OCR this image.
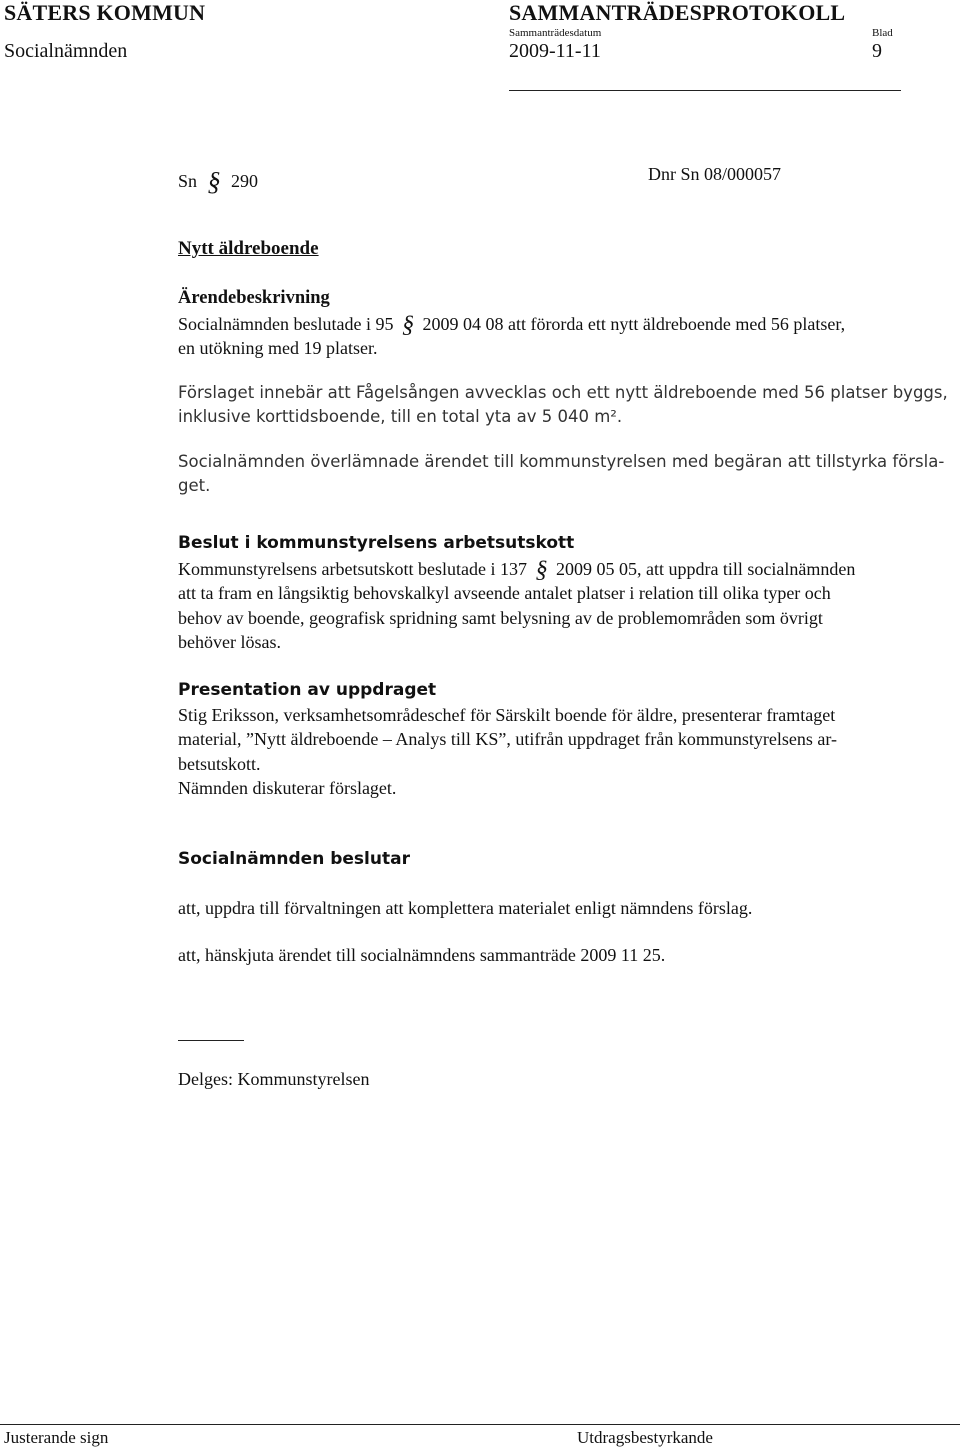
SÄTERS KOMMUN	SAMMANTRÄDESPROTOKOLL
Socialnämnden
Sammanträdesdatum
2009-11-11
Blad
9
Sn § 290	Dnr Sn 08/000057
Nytt äldreboende

Ärendebeskrivning

Socialnämnden beslutade i 95 § 2009 04 08 att förorda ett nytt äldreboende med 56 platser,
en utökning med 19 platser.

Förslaget innebär att Fågelsången avvecklas och ett nytt äldreboende med 56 platser byggs,
inklusive korttidsboende, till en total yta av 5 040 m².

Socialnämnden överlämnade ärendet till kommunstyrelsen med begäran att tillstyrka försla-
get.

Beslut i kommunstyrelsens arbetsutskott

Kommunstyrelsens arbetsutskott beslutade i 137 § 2009 05 05, att uppdra till socialnämnden
att ta fram en långsiktig behovskalkyl avseende antalet platser i relation till olika typer och
behov av boende, geografisk spridning samt belysning av de problemområden som övrigt
behöver lösas.

Presentation av uppdraget

Stig Eriksson, verksamhetsområdeschef för Särskilt boende för äldre, presenterar framtaget
material, ”Nytt äldreboende – Analys till KS”, utifrån uppdraget från kommunstyrelsens ar-
betsutskott.
Nämnden diskuterar förslaget.

Socialnämnden beslutar
att, uppdra till förvaltningen att komplettera materialet enligt nämndens förslag.
att, hänskjuta ärendet till socialnämndens sammanträde 2009 11 25.
Delges: Kommunstyrelsen
Justerande sign	Utdragsbestyrkande
